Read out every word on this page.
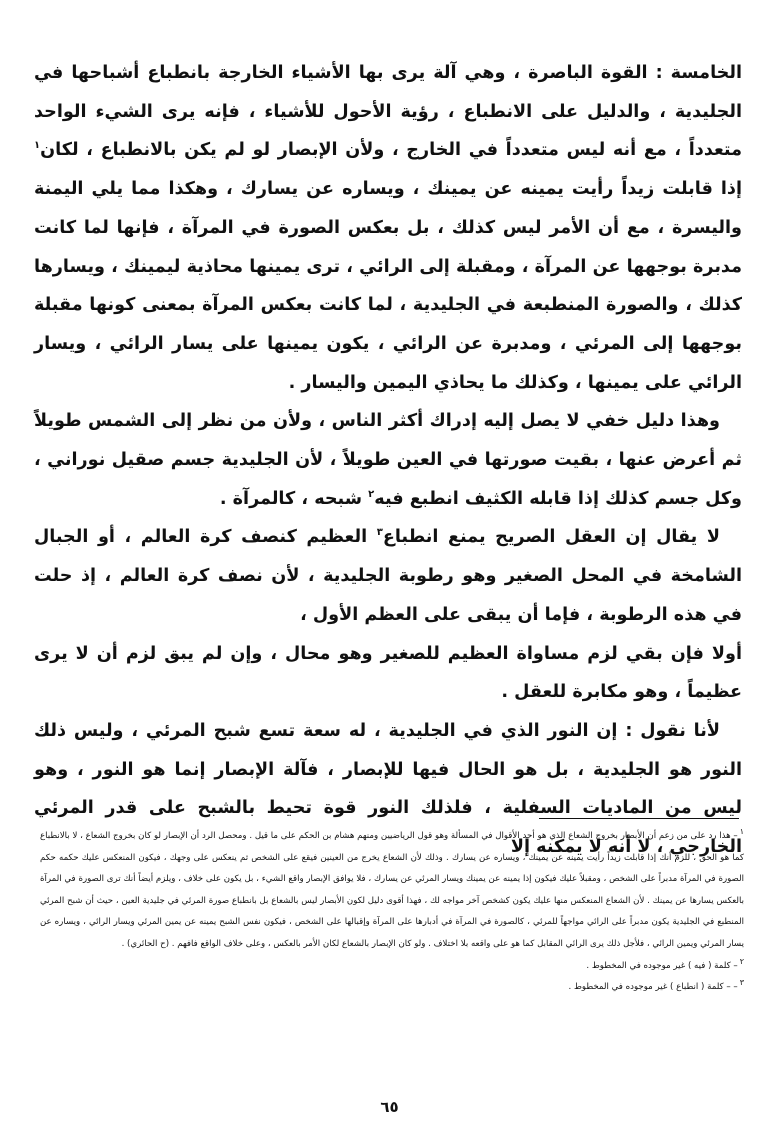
الخامسة : القوة الباصرة ، وهي آلة يرى بها الأشياء الخارجة بانطباع أشباحها في الجليدية ، والدليل على الانطباع ، رؤية الأحول للأشياء ، فإنه يرى الشيء الواحد متعدداً ، مع أنه ليس متعدداً في الخارج ، ولأن الإبصار لو لم يكن بالانطباع ، لكان$^١$ إذا قابلت زيداً رأيت يمينه عن يمينك ، ويساره عن يسارك ، وهكذا مما يلي اليمنة واليسرة ، مع أن الأمر ليس كذلك ، بل بعكس الصورة في المرآة ، فإنها لما كانت مدبرة بوجهها عن المرآة ، ومقبلة إلى الرائي ، ترى يمينها محاذية ليمينك ، ويسارها كذلك ، والصورة المنطبعة في الجليدية ، لما كانت بعكس المرآة بمعنى كونها مقبلة بوجهها إلى المرئي ، ومدبرة عن الرائي ، يكون يمينها على يسار الرائي ، ويسار الرائي على يمينها ، وكذلك ما يحاذي اليمين واليسار .

وهذا دليل خفي لا يصل إليه إدراك أكثر الناس ، ولأن من نظر إلى الشمس طويلاً ثم أعرض عنها ، بقيت صورتها في العين طويلاً ، لأن الجليدية جسم صقيل نوراني ، وكل جسم كذلك إذا قابله الكثيف انطبع فيه$^٢$ شبحه ، كالمرآة .

لا يقال إن العقل الصريح يمنع انطباع$^٣$ العظيم كنصف كرة العالم ، أو الجبال الشامخة في المحل الصغير وهو رطوبة الجليدية ، لأن نصف كرة العالم ، إذ حلت في هذه الرطوبة ، فإما أن يبقى على العظم الأول ،

أولا فإن بقي لزم مساواة العظيم للصغير وهو محال ، وإن لم يبق لزم أن لا يرى عظيماً ، وهو مكابرة للعقل .

لأنا نقول : إن النور الذي في الجليدية ، له سعة تسع شبح المرئي ، وليس ذلك النور هو الجليدية ، بل هو الحال فيها للإبصار ، فآلة الإبصار إنما هو النور ، وهو ليس من الماديات السفلية ، فلذلك النور قوة تحيط بالشبح على قدر المرئي الخارجي ، لا أنه لا يمكنه إلا

$^١$– هذا رد على من زعم أن الأبصار بخروج الشعاع الذي هو أحد الأقوال في المسألة وهو قول الرياضيين ومنهم هشام بن الحكم على ما قيل . ومحصل الرد أن الإبصار لو كان بخروج الشعاع ، لا بالانطباع كما هو الحق ، للزم أنك إذا قابلت زيداً رأيت يمينه عن يمينك ، ويساره عن يسارك . وذلك لأن الشعاع يخرج من العينين فيقع على الشخص ثم ينعكس على وجهك ، فيكون المنعكس عليك حكمه حكم الصورة في المرآة مدبراً على الشخص ، ومقبلاً عليك فيكون إذا يمينه عن يمينك ويسار المرئي عن يسارك ، فلا يوافق الإبصار واقع الشيء ، بل يكون على خلاف ، ويلزم أيضاً أنك ترى الصورة في المرآة بالعكس يسارها عن يمينك . لأن الشعاع المنعكس منها عليك يكون كشخص آخر مواجه لك ، فهذا أقوى دليل لكون الأبصار ليس بالشعاع بل بانطباع صورة المرئي في جليدية العين ، حيث أن شبح المرئي المنطبع في الجليدية يكون مدبراً على الرائي مواجهاً للمرئي ، كالصورة في المرآة في أدبارها على المرآة وإقبالها على الشخص ، فيكون نفس الشبح يمينه عن يمين المرئي ويسار الرائي ، ويساره عن يسار المرئي ويمين الرائي ، فلأجل ذلك يرى الرائي المقابل كما هو على واقعه بلا اختلاف . ولو كان الإبصار بالشعاع لكان الأمر بالعكس ، وعلى خلاف الواقع فافهم . (ح الحائري) .

$^٢$– كلمة ( فيه ) غير موجوده في المخطوط .

$^٣$– – كلمة ( انطباع ) غير موجوده في المخطوط .

٦٥
